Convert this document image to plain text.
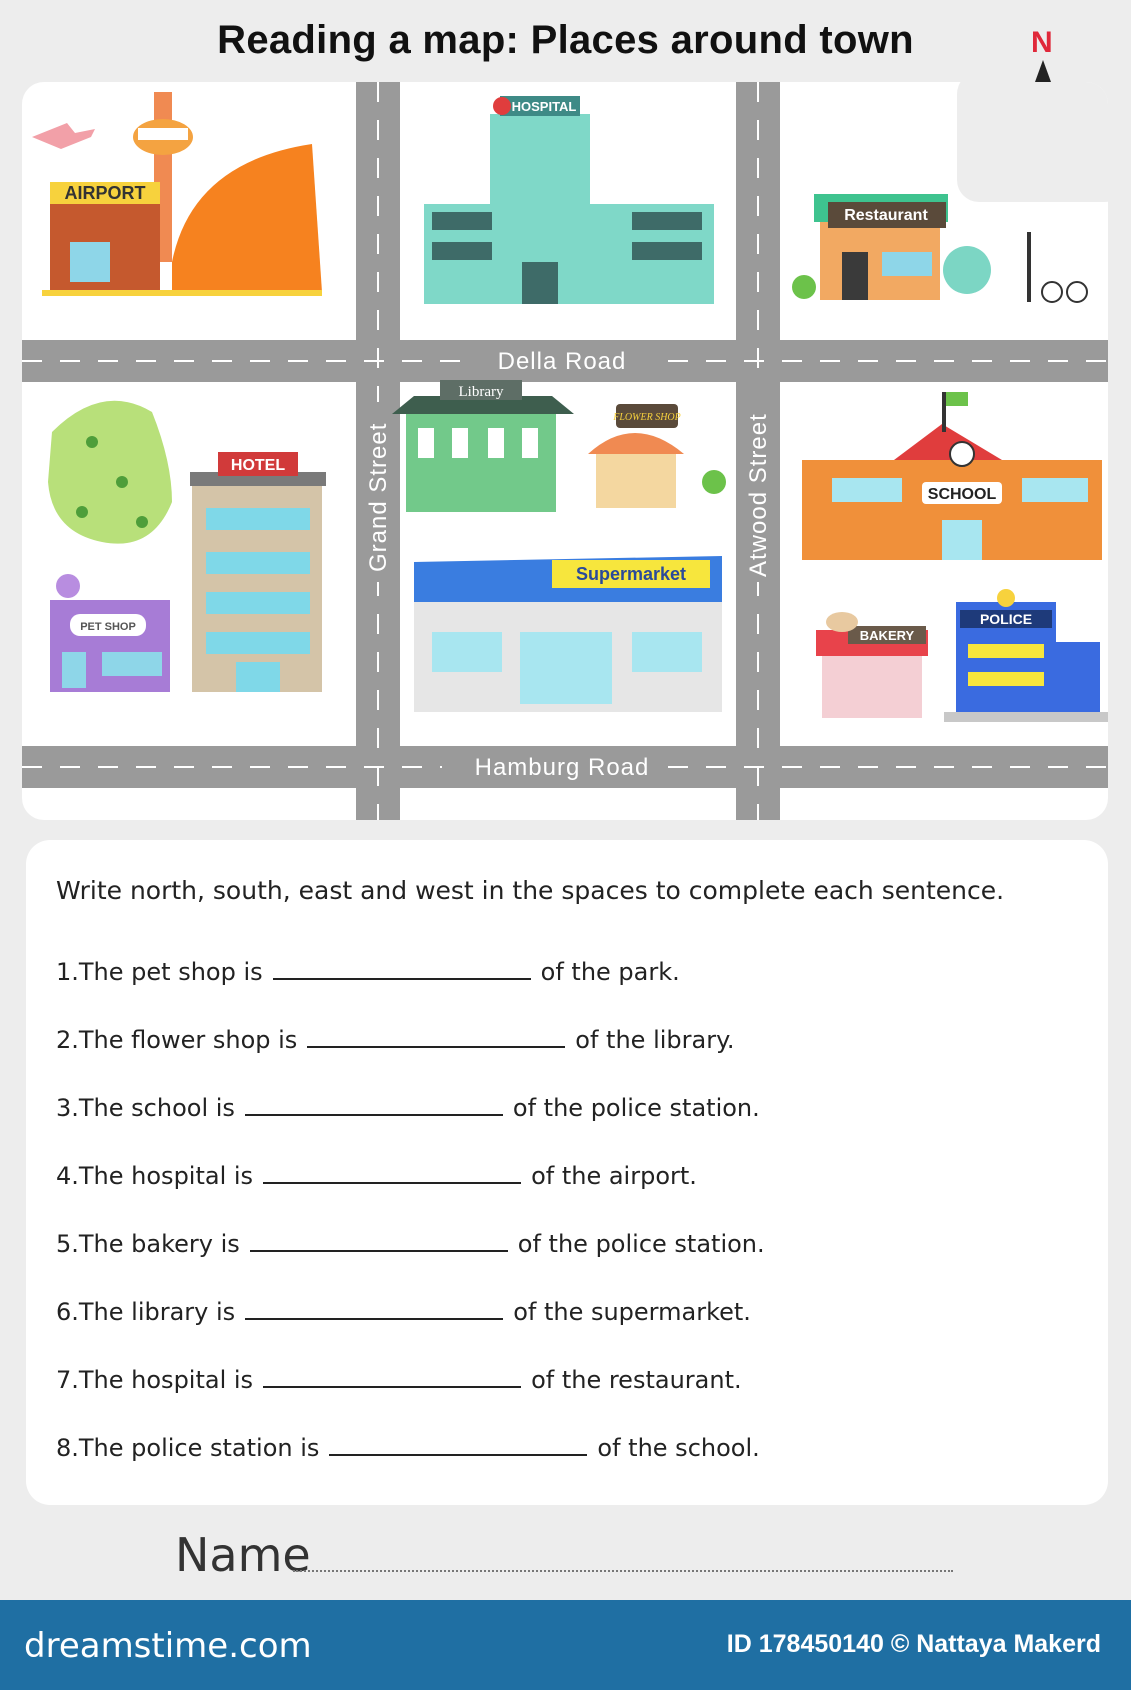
Reading a map: Places around town	N
Della Road
Hamburg Road
Grand Street	Atwood Street
AIRPORT
HOSPITAL
Restaurant
HOTEL
PET SHOP
Library
FLOWER SHOP
Supermarket
SCHOOL
BAKERY
POLICE
Write north, south, east and west in the spaces to complete each sentence.
1.The pet shop is	of the park.
2.The flower shop is	of the library.
3.The school is	of the police station.
4.The hospital is	of the airport.
5.The bakery is	of the police station.
6.The library is	of the supermarket.
7.The hospital is	of the restaurant.
8.The police station is	of the school.
Name
dreamstime.com	ID 178450140 © Nattaya Makerd
